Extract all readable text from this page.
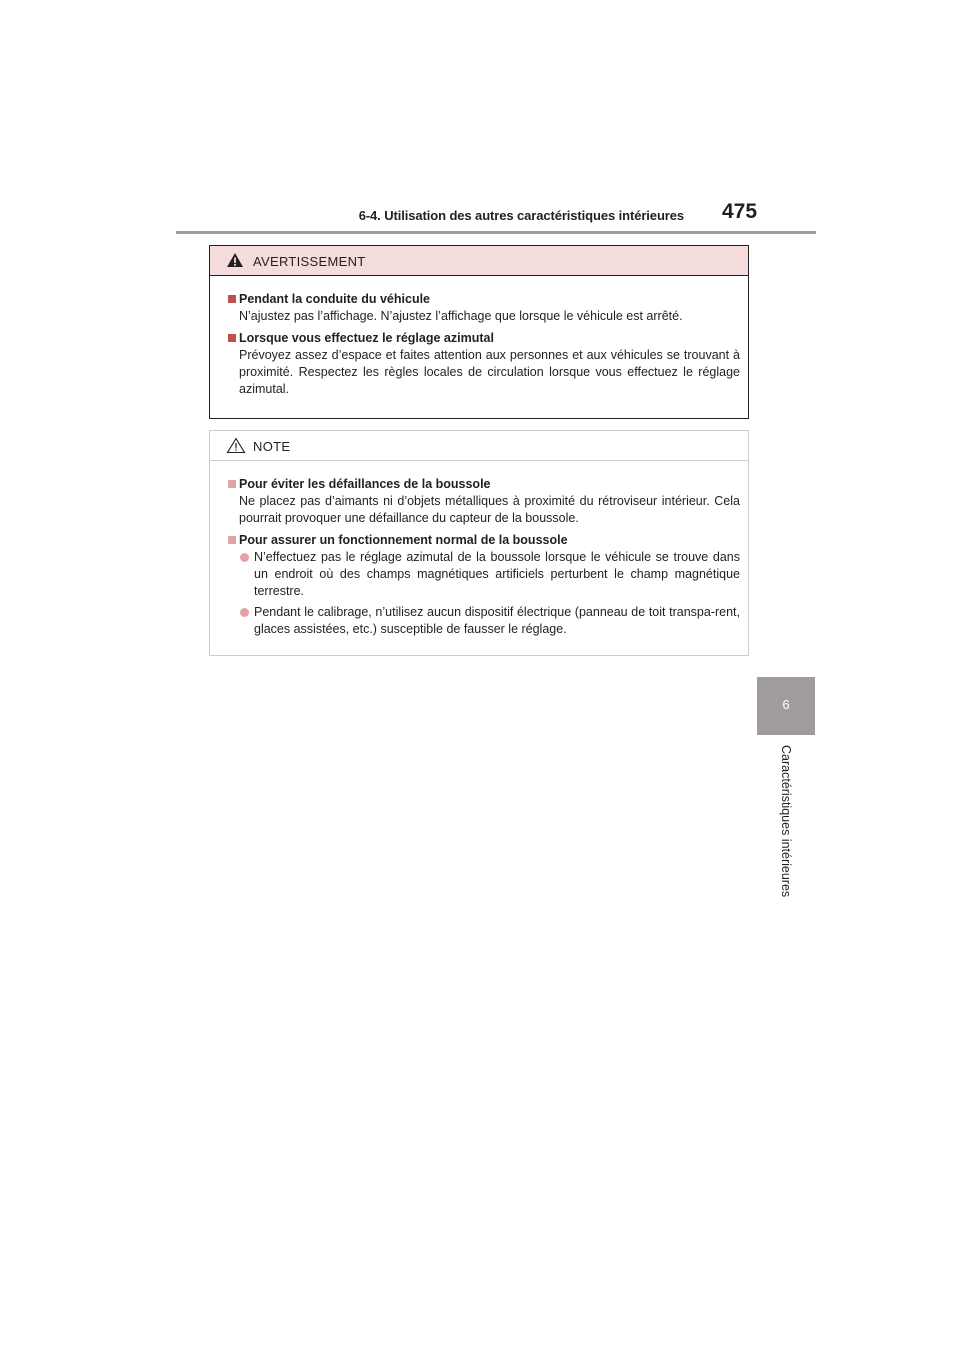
6-4. Utilisation des autres caractéristiques intérieures 475
6
Caractéristiques intérieures
AVERTISSEMENT
Pendant la conduite du véhicule
N’ajustez pas l’affichage. N’ajustez l’affichage que lorsque le véhicule est arrêté.
Lorsque vous effectuez le réglage azimutal
Prévoyez assez d’espace et faites attention aux personnes et aux véhicules se trouvant à proximité. Respectez les règles locales de circulation lorsque vous effectuez le réglage azimutal.
NOTE
Pour éviter les défaillances de la boussole
Ne placez pas d’aimants ni d’objets métalliques à proximité du rétroviseur intérieur. Cela pourrait provoquer une défaillance du capteur de la boussole.
Pour assurer un fonctionnement normal de la boussole
N’effectuez pas le réglage azimutal de la boussole lorsque le véhicule se trouve dans un endroit où des champs magnétiques artificiels perturbent le champ magnétique terrestre.
Pendant le calibrage, n’utilisez aucun dispositif électrique (panneau de toit transpa-rent, glaces assistées, etc.) susceptible de fausser le réglage.
